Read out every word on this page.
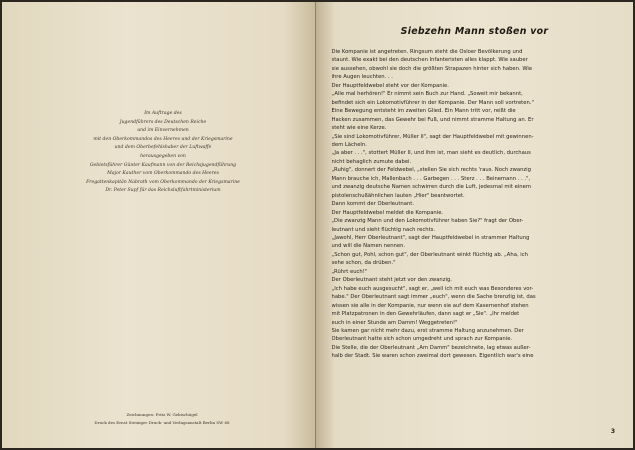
Im Auftrage des
Jugendführers des Deutschen Reiche
und im Einvernehmen
mit den Oberkommandos des Heeres und der Kriegsmarine
und dem Oberbefehlshaber der Luftwaffe
herausgegeben von
Gebietsführer Günter Kaufmann von der Reichsjugendführung
Major Kauther vom Oberkommando des Heeres
Fregattenkapitän Nabrath vom Oberkommando der Kriegsmarine
Dr. Peter Supf für das Reichsluftfahrtministerium
Zeichnungen: Fritz W. Gebischügel
Druck des Ernst Steiniger Druck- und Verlagsanstalt Berlin SW 68
Siebzehn Mann stoßen vor
Die Kompanie ist angetreten. Ringsum steht die Osloer Bevölkerung und
staunt. Wie exakt bei den deutschen Infanteristen alles klappt. Wie sauber
sie aussehen, obwohl sie doch die größten Strapazen hinter sich haben. Wie
ihre Augen leuchten. . .
Der Hauptfeldwebel steht vor der Kompanie.
„Alle mal herhören!" Er nimmt sein Buch zur Hand. „Soweit mir bekannt,
befindet sich ein Lokomotivführer in der Kompanie. Der Mann soll vortreten."
Eine Bewegung entsteht im zweiten Glied. Ein Mann tritt vor, reißt die
Hacken zusammen, das Gewehr bei Fuß, und nimmt stramme Haltung an. Er
steht wie eine Kerze.
„Sie sind Lokomotivführer, Müller II", sagt der Hauptfeldwebel mit gewinnen-
dem Lächeln.
„Ja aber . . .", stottert Müller II, und ihm ist, man sieht es deutlich, durchaus
nicht behaglich zumute dabei.
„Ruhig", donnert der Feldwebel, „stellen Sie sich rechts 'raus. Noch zwanzig
Mann brauche ich, Mallenbach . . . Garbegen . . . Sterz . . . Beinemann . . .",
und zwanzig deutsche Namen schwirren durch die Luft, jedesmal mit einem
pistolenschußähnlichen lauten „Hier" beantwortet.
Dann kommt der Oberleutnant.
Der Hauptfeldwebel meldet die Kompanie.
„Die zwanzig Mann und den Lokomotivführer haben Sie?" fragt der Ober-
leutnant und sieht flüchtig nach rechts.
„Jawohl, Herr Oberleutnant", sagt der Hauptfeldwebel in strammer Haltung
und will die Namen nennen.
„Schon gut, Pohl, schon gut", der Oberleutnant winkt flüchtig ab. „Aha, ich
sehe schon, da drüben."
„Rührt euch!"
Der Oberleutnant steht jetzt vor den zwanzig.
„Ich habe euch ausgesucht", sagt er, „weil ich mit euch was Besonderes vor-
habe." Der Oberleutnant sagt immer „euch", wenn die Sache brenzlig ist, das
wissen sie alle in der Kompanie, nur wenn sie auf dem Kasernenhof stehen
mit Platzpatronen in den Gewehrläufen, dann sagt er „Sie". „Ihr meldet
euch in einer Stunde am Damm! Weggetreten!"
Sie kamen gar nicht mehr dazu, erst stramme Haltung anzunehmen. Der
Oberleutnant hatte sich schon umgedreht und sprach zur Kompanie.
Die Stelle, die der Oberleutnant „Am Damm" bezeichnete, lag etwas außer-
halb der Stadt. Sie waren schon zweimal dort gewesen. Eigentlich war's eine
3
